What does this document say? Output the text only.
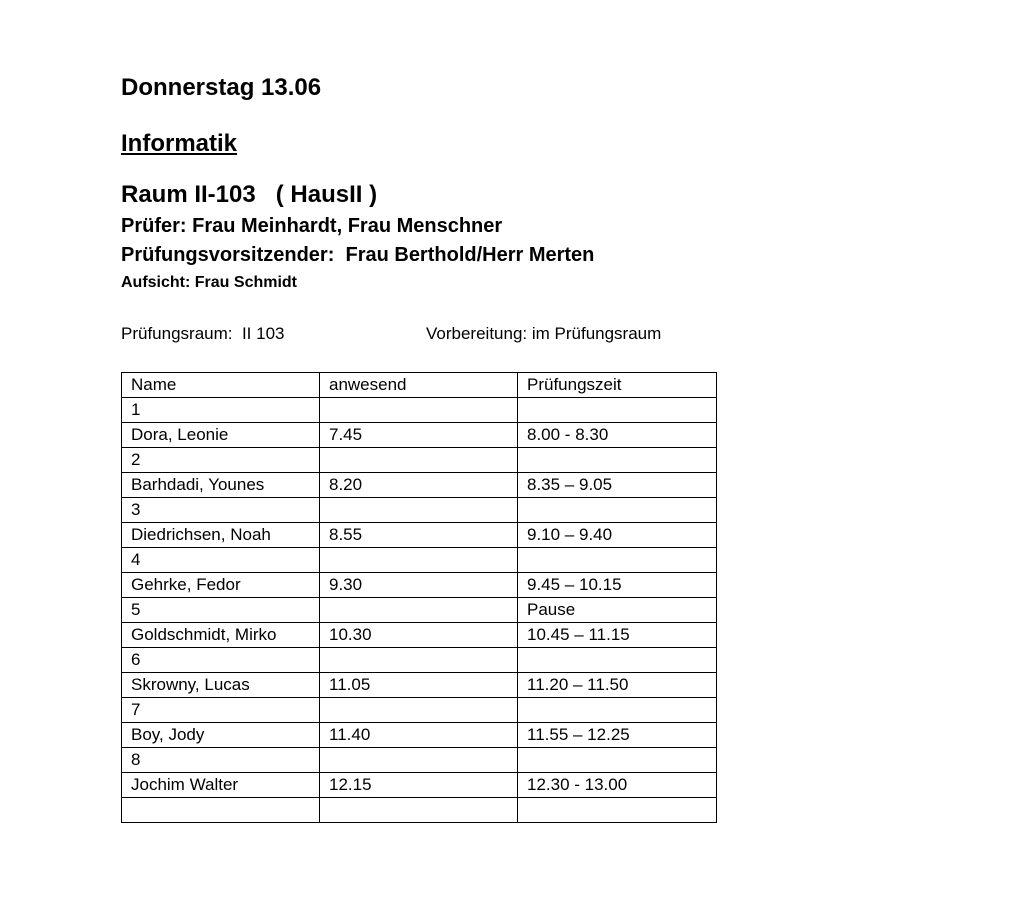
Donnerstag 13.06
Informatik
Raum II-103   ( HausII )
Prüfer: Frau Meinhardt, Frau Menschner
Prüfungsvorsitzender:  Frau Berthold/Herr Merten
Aufsicht: Frau Schmidt
Prüfungsraum:  II 103	Vorbereitung: im Prüfungsraum
Name	anwesend	Prüfungszeit
1		
Dora, Leonie	7.45	8.00 - 8.30
2		
Barhdadi, Younes	8.20	8.35 – 9.05
3		
Diedrichsen, Noah	8.55	9.10 – 9.40
4		
Gehrke, Fedor	9.30	9.45 – 10.15
5		Pause
Goldschmidt, Mirko	10.30	10.45 – 11.15
6		
Skrowny, Lucas	11.05	11.20 – 11.50
7		
Boy, Jody	11.40	11.55 – 12.25
8		
Jochim Walter	12.15	12.30 - 13.00
